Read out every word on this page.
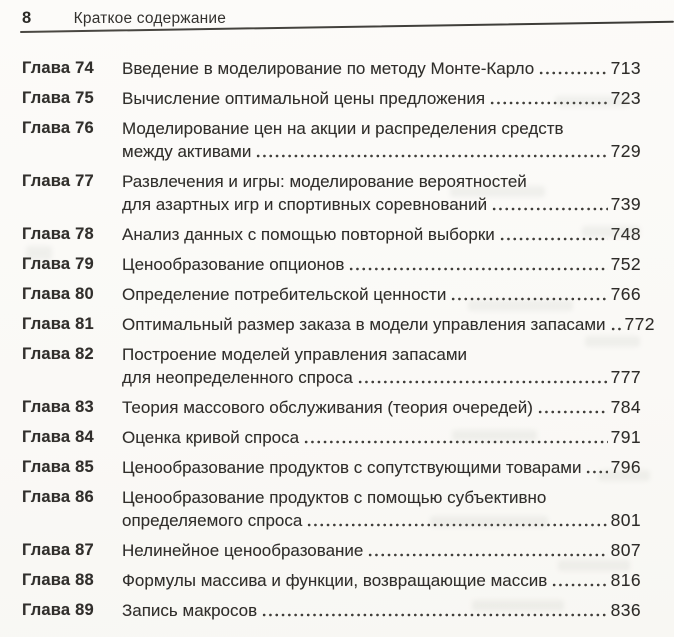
8	Краткое содержание
Глава 74	Введение в моделирование по методу Монте-Карло	713
Глава 75	Вычисление оптимальной цены предложения	723
Глава 76	Моделирование цен на акции и распределения средств
между активами	729
Глава 77	Развлечения и игры: моделирование вероятностей
для азартных игр и спортивных соревнований	739
Глава 78	Анализ данных с помощью повторной выборки	748
Глава 79	Ценообразование опционов	752
Глава 80	Определение потребительской ценности	766
Глава 81	Оптимальный размер заказа в модели управления запасами 772
Глава 82	Построение моделей управления запасами
для неопределенного спроса	777
Глава 83	Теория массового обслуживания (теория очередей)	784
Глава 84	Оценка кривой спроса	791
Глава 85	Ценообразование продуктов с сопутствующими товарами 796
Глава 86	Ценообразование продуктов с помощью субъективно
определяемого спроса	801
Глава 87	Нелинейное ценообразование	807
Глава 88	Формулы массива и функции, возвращающие массив	816
Глава 89	Запись макросов	836
